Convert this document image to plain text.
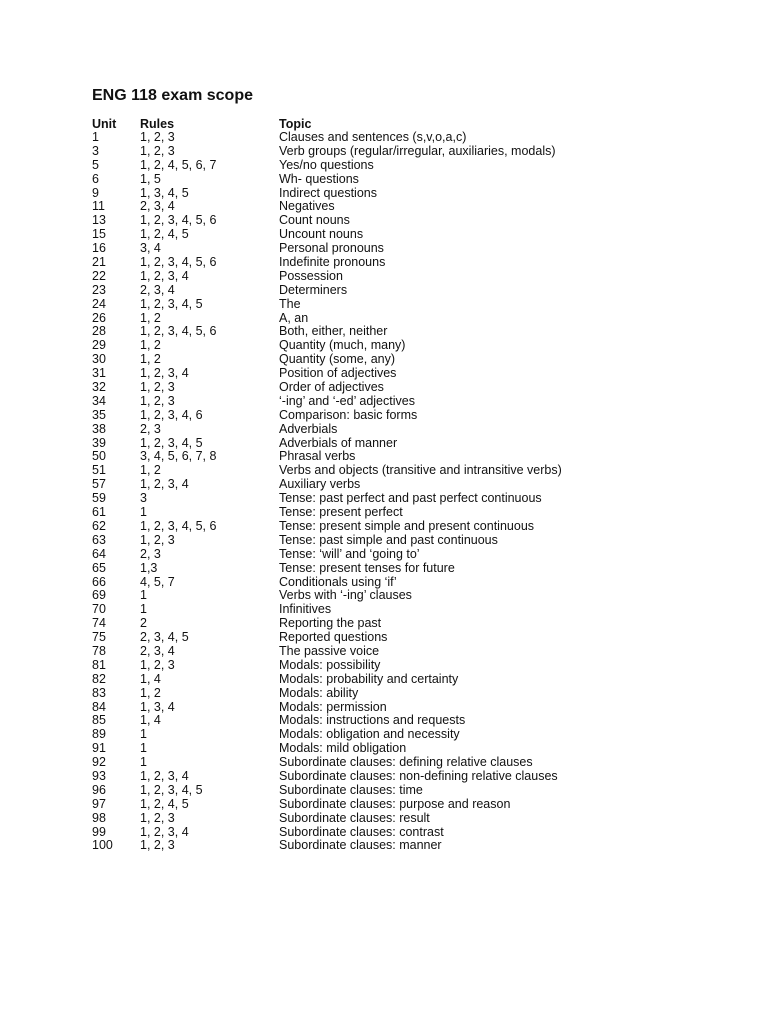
ENG 118 exam scope
Unit	Rules	Topic
1	1, 2, 3	Clauses and sentences (s,v,o,a,c)
3	1, 2, 3	Verb groups (regular/irregular, auxiliaries, modals)
5	1, 2, 4, 5, 6, 7	Yes/no questions
6	1, 5	Wh- questions
9	1, 3, 4, 5	Indirect questions
11	2, 3, 4	Negatives
13	1, 2, 3, 4, 5, 6	Count nouns
15	1, 2, 4, 5	Uncount nouns
16	3, 4	Personal pronouns
21	1, 2, 3, 4, 5, 6	Indefinite pronouns
22	1, 2, 3, 4	Possession
23	2, 3, 4	Determiners
24	1, 2, 3, 4, 5	The
26	1, 2	A, an
28	1, 2, 3, 4, 5, 6	Both, either, neither
29	1, 2	Quantity (much, many)
30	1, 2	Quantity (some, any)
31	1, 2, 3, 4	Position of adjectives
32	1, 2, 3	Order of adjectives
34	1, 2, 3	‘-ing’ and ‘-ed’ adjectives
35	1, 2, 3, 4, 6	Comparison: basic forms
38	2, 3	Adverbials
39	1, 2, 3, 4, 5	Adverbials of manner
50	3, 4, 5, 6, 7, 8	Phrasal verbs
51	1, 2	Verbs and objects (transitive and intransitive verbs)
57	1, 2, 3, 4	Auxiliary verbs
59	3	Tense: past perfect and past perfect continuous
61	1	Tense: present perfect
62	1, 2, 3, 4, 5, 6	Tense: present simple and present continuous
63	1, 2, 3	Tense: past simple and past continuous
64	2, 3	Tense: ‘will’ and ‘going to’
65	1,3	Tense: present tenses for future
66	4, 5, 7	Conditionals using ‘if’
69	1	Verbs with ‘-ing’ clauses
70	1	Infinitives
74	2	Reporting the past
75	2, 3, 4, 5	Reported questions
78	2, 3, 4	The passive voice
81	1, 2, 3	Modals: possibility
82	1, 4	Modals: probability and certainty
83	1, 2	Modals: ability
84	1, 3, 4	Modals: permission
85	1, 4	Modals: instructions and requests
89	1	Modals: obligation and necessity
91	1	Modals: mild obligation
92	1	Subordinate clauses: defining relative clauses
93	1, 2, 3, 4	Subordinate clauses: non-defining relative clauses
96	1, 2, 3, 4, 5	Subordinate clauses: time
97	1, 2, 4, 5	Subordinate clauses: purpose and reason
98	1, 2, 3	Subordinate clauses: result
99	1, 2, 3, 4	Subordinate clauses: contrast
100	1, 2, 3	Subordinate clauses: manner
